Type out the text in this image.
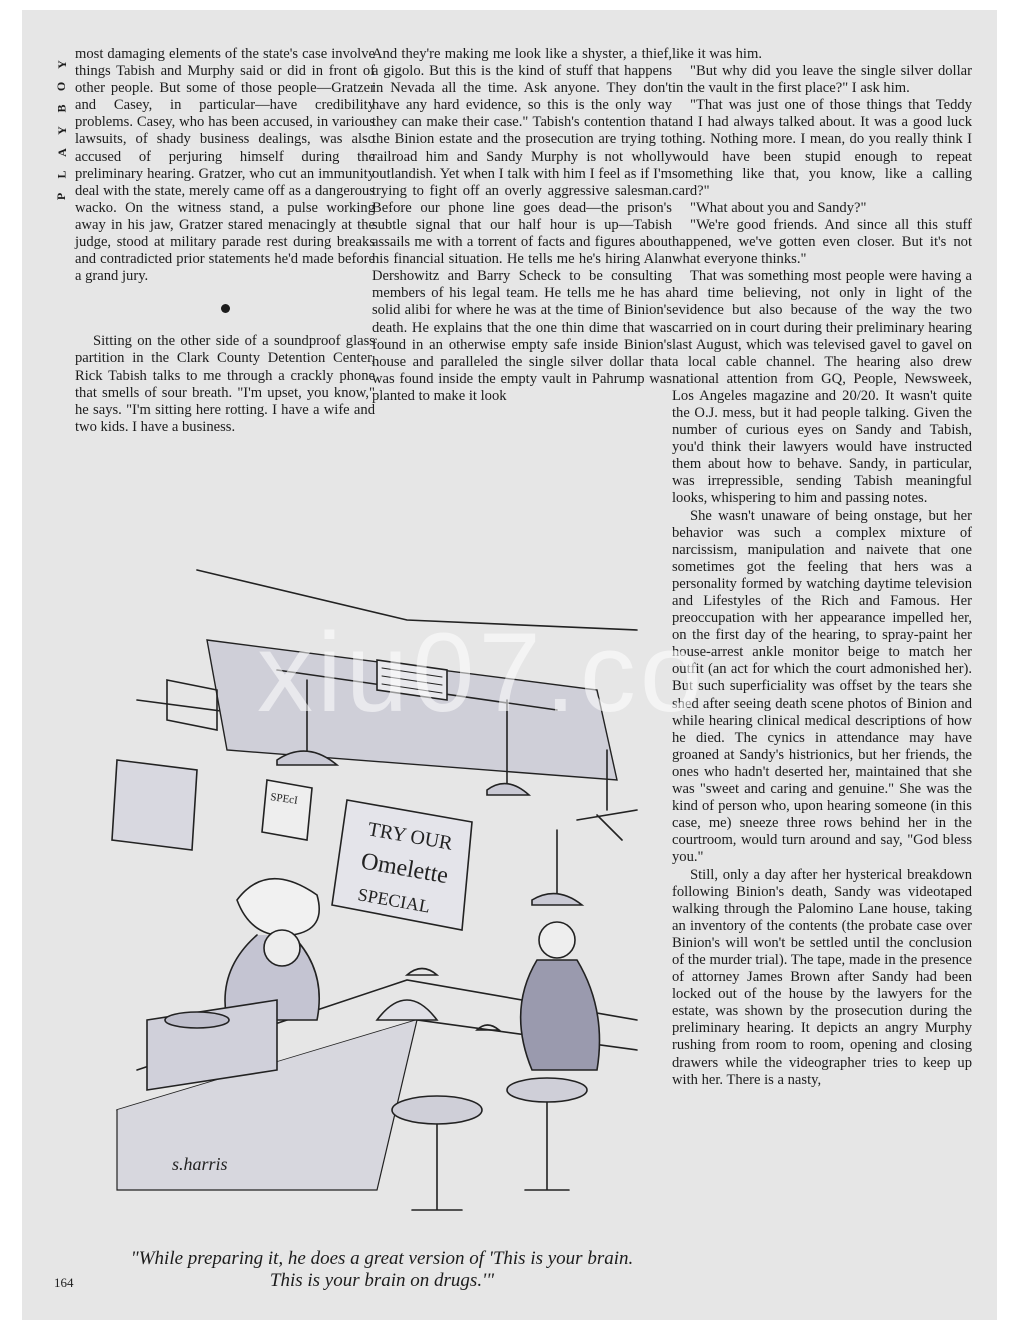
Y
O
B
Y
A
L
P

most damaging elements of the state's case involve things Tabish and Murphy said or did in front of other people. But some of those people—Gratzer and Casey, in particular—have credibility problems. Casey, who has been accused, in various lawsuits, of shady business dealings, was also accused of perjuring himself during the preliminary hearing. Gratzer, who cut an immunity deal with the state, merely came off as a dangerous wacko. On the witness stand, a pulse working away in his jaw, Gratzer stared menacingly at the judge, stood at military parade rest during breaks and contradicted prior statements he'd made before a grand jury.

Sitting on the other side of a soundproof glass partition in the Clark County Detention Center, Rick Tabish talks to me through a crackly phone that smells of sour breath. "I'm upset, you know," he says. "I'm sitting here rotting. I have a wife and two kids. I have a business.

And they're making me look like a shyster, a thief, a gigolo. But this is the kind of stuff that happens in Nevada all the time. Ask anyone. They don't have any hard evidence, so this is the only way they can make their case." Tabish's contention that the Binion estate and the prosecution are trying to railroad him and Sandy Murphy is not wholly outlandish. Yet when I talk with him I feel as if I'm trying to fight off an overly aggressive salesman. Before our phone line goes dead—the prison's subtle signal that our half hour is up—Tabish assails me with a torrent of facts and figures about his financial situation. He tells me he's hiring Alan Dershowitz and Barry Scheck to be consulting members of his legal team. He tells me he has a solid alibi for where he was at the time of Binion's death. He explains that the one thin dime that was found in an otherwise empty safe inside Binion's house and paralleled the single silver dollar that was found inside the empty vault in Pahrump was planted to make it look

like it was him.

"But why did you leave the single silver dollar in the vault in the first place?" I ask him.

"That was just one of those things that Teddy and I had always talked about. It was a good luck thing. Nothing more. I mean, do you really think I would have been stupid enough to repeat something like that, you know, like a calling card?"

"What about you and Sandy?"

"We're good friends. And since all this stuff happened, we've gotten even closer. But it's not what everyone thinks."

That was something most people were having a hard time believing, not only in light of the evidence but also because of the way the two carried on in court during their preliminary hearing last August, which was televised gavel to gavel on a local cable channel. The hearing also drew national attention from GQ, People, Newsweek, Los Angeles magazine and 20/20. It wasn't quite the O.J. mess, but it had people talking. Given the number of curious eyes on Sandy and Tabish, you'd think their lawyers would have instructed them about how to behave. Sandy, in particular, was irrepressible, sending Tabish meaningful looks, whispering to him and passing notes.

She wasn't unaware of being onstage, but her behavior was such a complex mixture of narcissism, manipulation and naivete that one sometimes got the feeling that hers was a personality formed by watching daytime television and Lifestyles of the Rich and Famous. Her preoccupation with her appearance impelled her, on the first day of the hearing, to spray-paint her house-arrest ankle monitor beige to match her outfit (an act for which the court admonished her). But such superficiality was offset by the tears she shed after seeing death scene photos of Binion and while hearing clinical medical descriptions of how he died. The cynics in attendance may have groaned at Sandy's histrionics, but her friends, the ones who hadn't deserted her, maintained that she was "sweet and caring and genuine." She was the kind of person who, upon hearing someone (in this case, me) sneeze three rows behind her in the courtroom, would turn around and say, "God bless you."

Still, only a day after her hysterical breakdown following Binion's death, Sandy was videotaped walking through the Palomino Lane house, taking an inventory of the contents (the probate case over Binion's will won't be settled until the conclusion of the murder trial). The tape, made in the presence of attorney James Brown after Sandy had been locked out of the house by the lawyers for the estate, was shown by the prosecution during the preliminary hearing. It depicts an angry Murphy rushing from room to room, opening and closing drawers while the videographer tries to keep up with her. There is a nasty,

TRY OUR
Omelette
SPECIAL
SPEcI
s.harris
xiu07.co
"While preparing it, he does a great version of 'This is your brain. This is your brain on drugs.'"
164
